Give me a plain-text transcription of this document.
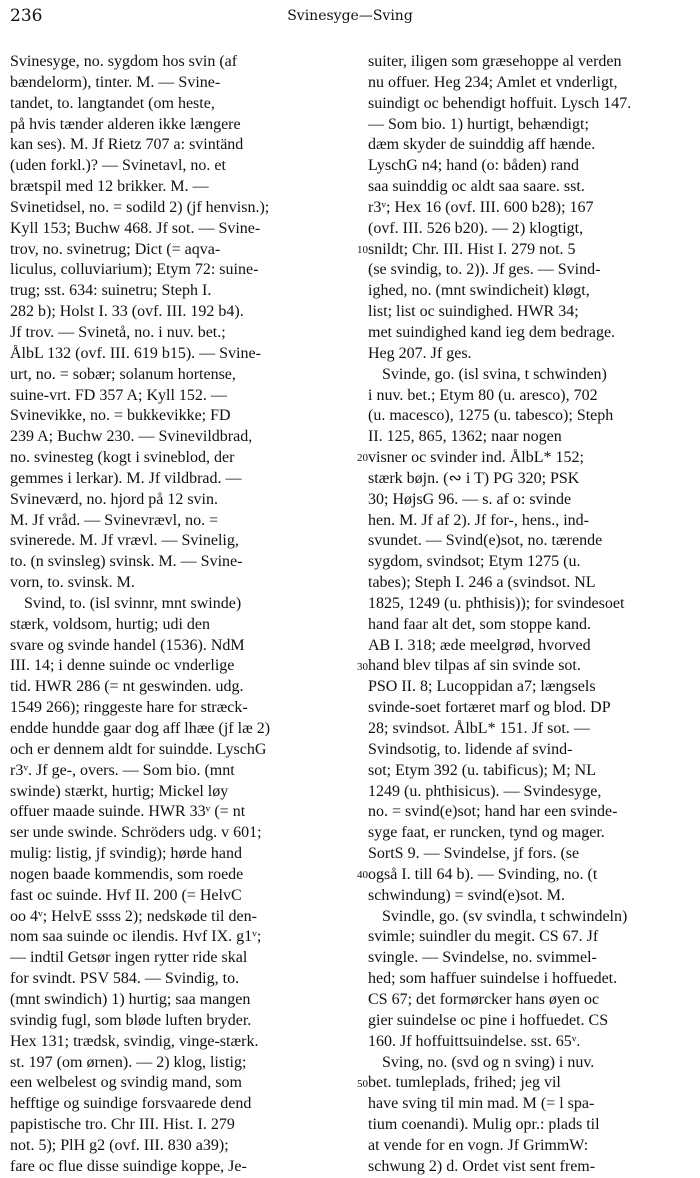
236	Svinesyge—Sving
Svinesyge, no. sygdom hos svin (af
bændelorm), tinter. M. — Svine-
tandet, to. langtandet (om heste,
på hvis tænder alderen ikke længere
kan ses). M. Jf Rietz 707 a: svintänd
(uden forkl.)? — Svinetavl, no. et
brætspil med 12 brikker. M. —
Svinetidsel, no. = sodild 2) (jf henvisn.);
Kyll 153; Buchw 468. Jf sot. — Svine-
trov, no. svinetrug; Dict (= aqva-
liculus, colluviarium); Etym 72: suine-
trug; sst. 634: suinetru; Steph I.
282 b); Holst I. 33 (ovf. III. 192 b4).
Jf trov. — Svinetå, no. i nuv. bet.;
ÅlbL 132 (ovf. III. 619 b15). — Svine-
urt, no. = sobær; solanum hortense,
suine-vrt. FD 357 A; Kyll 152. —
Svinevikke, no. = bukkevikke; FD
239 A; Buchw 230. — Svinevildbrad,
no. svinesteg (kogt i svineblod, der
gemmes i lerkar). M. Jf vildbrad. —
Svineværd, no. hjord på 12 svin.
M. Jf vråd. — Svinevrævl, no. =
svinerede. M. Jf vrævl. — Svinelig,
to. (n svinsleg) svinsk. M. — Svine-
vorn, to. svinsk. M.
Svind, to. (isl svinnr, mnt swinde)
stærk, voldsom, hurtig; udi den
svare og svinde handel (1536). NdM
III. 14; i denne suinde oc vnderlige
tid. HWR 286 (= nt geswinden. udg.
1549 266); ringgeste hare for stræck-
endde hundde gaar dog aff lhæe (jf læ 2)
och er dennem aldt for suindde. LyschG
r3ᵛ. Jf ge-, overs. — Som bio. (mnt
swinde) stærkt, hurtig; Mickel løy
offuer maade suinde. HWR 33ᵛ (= nt
ser unde swinde. Schröders udg. v 601;
mulig: listig, jf svindig); hørde hand
nogen baade kommendis, som roede
fast oc suinde. Hvf II. 200 (= HelvC
oo 4ᵛ; HelvE ssss 2); nedskøde til den-
nom saa suinde oc ilendis. Hvf IX. g1ᵛ;
— indtil Getsør ingen rytter ride skal
for svindt. PSV 584. — Svindig, to.
(mnt swindich) 1) hurtig; saa mangen
svindig fugl, som bløde luften bryder.
Hex 131; trædsk, svindig, vinge-stærk.
st. 197 (om ørnen). — 2) klog, listig;
een welbelest og svindig mand, som
hefftige og suindige forsvaarede dend
papistische tro. Chr III. Hist. I. 279
not. 5); PlH g2 (ovf. III. 830 a39);
fare oc flue disse suindige koppe, Je-
10
20
30
40
50
suiter, iligen som græsehoppe al verden
nu offuer. Heg 234; Amlet et vnderligt,
suindigt oc behendigt hoffuit. Lysch 147.
— Som bio. 1) hurtigt, behændigt;
dæm skyder de suinddig aff hænde.
LyschG n4; hand (o: båden) rand
saa suinddig oc aldt saa saare. sst.
r3ᵛ; Hex 16 (ovf. III. 600 b28); 167
(ovf. III. 526 b20). — 2) klogtigt,
snildt; Chr. III. Hist I. 279 not. 5
(se svindig, to. 2)). Jf ges. — Svind-
ighed, no. (mnt swindicheit) kløgt,
list; list oc suindighed. HWR 34;
met suindighed kand ieg dem bedrage.
Heg 207. Jf ges.
Svinde, go. (isl svina, t schwinden)
i nuv. bet.; Etym 80 (u. aresco), 702
(u. macesco), 1275 (u. tabesco); Steph
II. 125, 865, 1362; naar nogen
visner oc svinder ind. ÅlbL* 152;
stærk bøjn. (∾ i T) PG 320; PSK
30; HøjsG 96. — s. af o: svinde
hen. M. Jf af 2). Jf for-, hens., ind-
svundet. — Svind(e)sot, no. tærende
sygdom, svindsot; Etym 1275 (u.
tabes); Steph I. 246 a (svindsot. NL
1825, 1249 (u. phthisis)); for svindesoet
hand faar alt det, som stoppe kand.
AB I. 318; æde meelgrød, hvorved
hand blev tilpas af sin svinde sot.
PSO II. 8; Lucoppidan a7; længsels
svinde-soet fortæret marf og blod. DP
28; svindsot. ÅlbL* 151. Jf sot. —
Svindsotig, to. lidende af svind-
sot; Etym 392 (u. tabificus); M; NL
1249 (u. phthisicus). — Svindesyge,
no. = svind(e)sot; hand har een svinde-
syge faat, er runcken, tynd og mager.
SortS 9. — Svindelse, jf fors. (se
også I. till 64 b). — Svinding, no. (t
schwindung) = svind(e)sot. M.
Svindle, go. (sv svindla, t schwindeln)
svimle; suindler du megit. CS 67. Jf
svingle. — Svindelse, no. svimmel-
hed; som haffuer suindelse i hoffuedet.
CS 67; det formørcker hans øyen oc
gier suindelse oc pine i hoffuedet. CS
160. Jf hoffuittsuindelse. sst. 65ᵛ.
Sving, no. (svd og n sving) i nuv.
bet. tumleplads, frihed; jeg vil
have sving til min mad. M (= l spa-
tium coenandi). Mulig opr.: plads til
at vende for en vogn. Jf GrimmW:
schwung 2) d. Ordet vist sent frem-
